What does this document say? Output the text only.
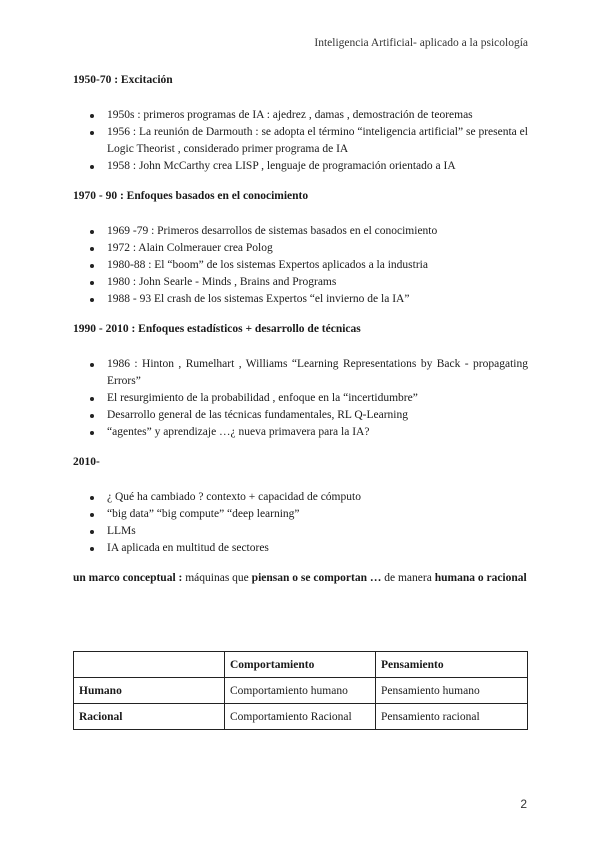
Inteligencia Artificial- aplicado a la psicología
1950-70 : Excitación
1950s : primeros programas de IA : ajedrez , damas , demostración de teoremas
1956 : La reunión de Darmouth : se adopta el término “inteligencia artificial” se presenta el Logic Theorist , considerado primer programa de IA
1958 : John McCarthy crea LISP , lenguaje de programación orientado a IA
1970 - 90 : Enfoques basados en el conocimiento
1969 -79 : Primeros desarrollos de sistemas basados en el conocimiento
1972 : Alain Colmerauer crea Polog
1980-88 : El “boom” de los sistemas Expertos aplicados a la industria
1980 : John Searle - Minds , Brains and Programs
1988 - 93 El crash de los sistemas Expertos “el invierno de la IA”
1990 - 2010 : Enfoques estadísticos + desarrollo de técnicas
1986 : Hinton , Rumelhart , Williams “Learning Representations by Back - propagating Errors”
El resurgimiento de la probabilidad , enfoque en la “incertidumbre”
Desarrollo general de las técnicas fundamentales, RL Q-Learning
“agentes” y aprendizaje …¿ nueva primavera para la IA?
2010-
¿ Qué ha cambiado ? contexto + capacidad de cómputo
“big data” “big compute” “deep learning”
LLMs
IA aplicada en multitud de sectores

un marco conceptual : máquinas que piensan o se comportan … de manera humana o racional

	Comportamiento	Pensamiento
Humano	Comportamiento humano	Pensamiento humano
Racional	Comportamiento Racional	Pensamiento racional
2
